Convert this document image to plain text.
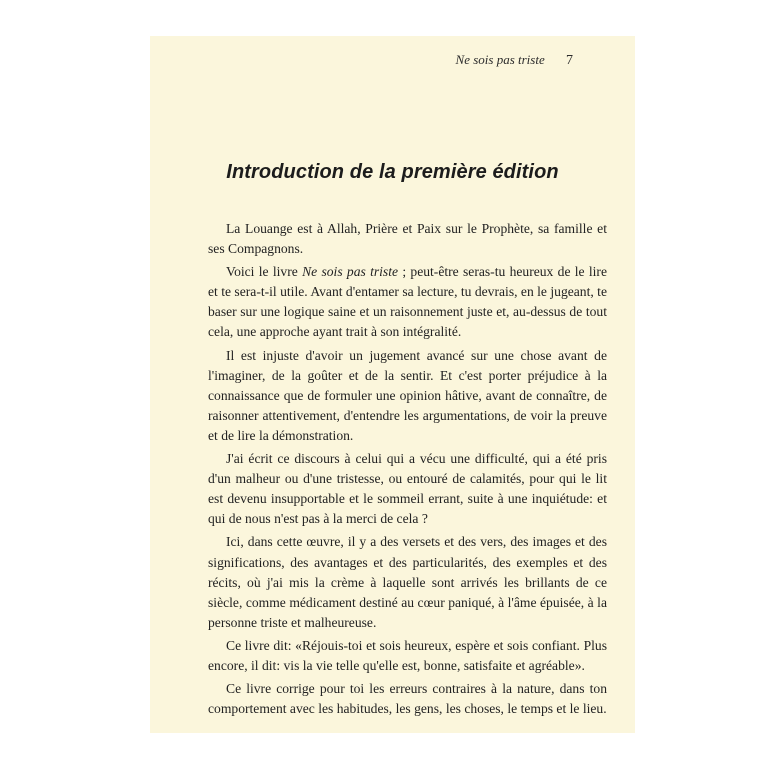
Ne sois pas triste 7
Introduction de la première édition

La Louange est à Allah, Prière et Paix sur le Prophète, sa famille et ses Compagnons.

Voici le livre Ne sois pas triste ; peut-être seras-tu heureux de le lire et te sera-t-il utile. Avant d'entamer sa lecture, tu devrais, en le jugeant, te baser sur une logique saine et un raisonnement juste et, au-dessus de tout cela, une approche ayant trait à son intégralité.

Il est injuste d'avoir un jugement avancé sur une chose avant de l'imaginer, de la goûter et de la sentir. Et c'est porter préjudice à la connaissance que de formuler une opinion hâtive, avant de connaître, de raisonner attentivement, d'entendre les argumentations, de voir la preuve et de lire la démonstration.

J'ai écrit ce discours à celui qui a vécu une difficulté, qui a été pris d'un malheur ou d'une tristesse, ou entouré de calamités, pour qui le lit est devenu insupportable et le sommeil errant, suite à une inquiétude: et qui de nous n'est pas à la merci de cela ?

Ici, dans cette œuvre, il y a des versets et des vers, des images et des significations, des avantages et des particularités, des exemples et des récits, où j'ai mis la crème à laquelle sont arrivés les brillants de ce siècle, comme médicament destiné au cœur paniqué, à l'âme épuisée, à la personne triste et malheureuse.

Ce livre dit: «Réjouis-toi et sois heureux, espère et sois confiant. Plus encore, il dit: vis la vie telle qu'elle est, bonne, satisfaite et agréable».

Ce livre corrige pour toi les erreurs contraires à la nature, dans ton comportement avec les habitudes, les gens, les choses, le temps et le lieu.
